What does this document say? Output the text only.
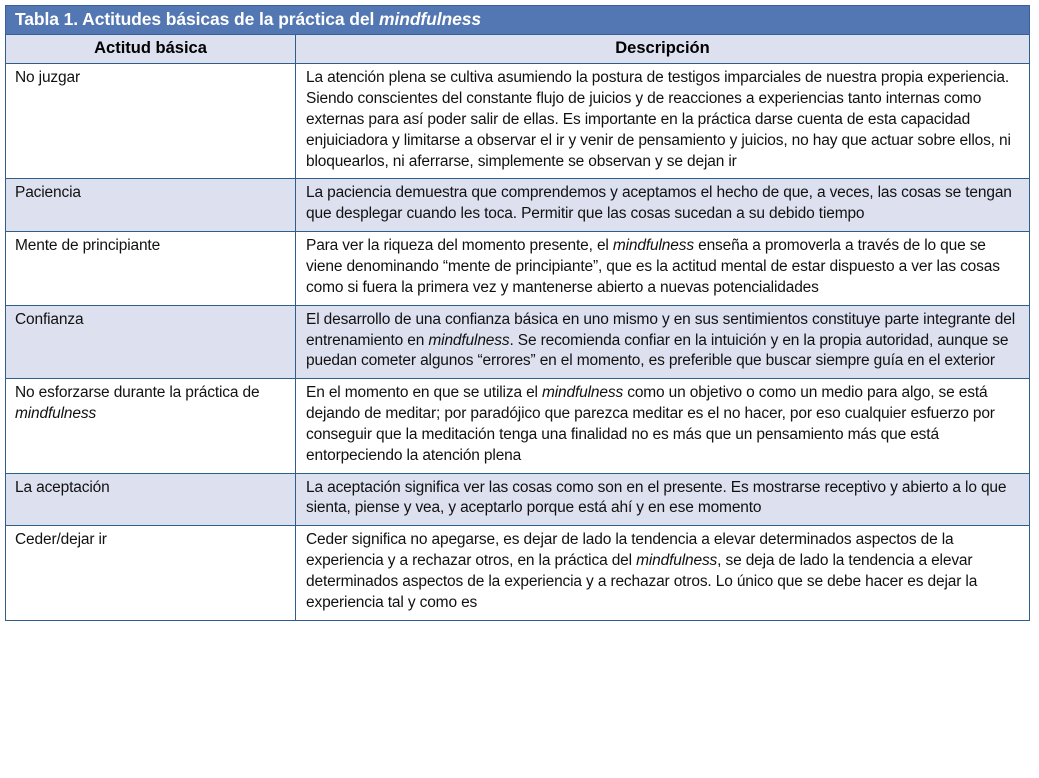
Tabla 1. Actitudes básicas de la práctica del mindfulness	
Actitud básica	Descripción

No juzgar	La atención plena se cultiva asumiendo la postura de testigos imparciales de nuestra propia experiencia. Siendo conscientes del constante flujo de juicios y de reacciones a experiencias tanto internas como externas para así poder salir de ellas. Es importante en la práctica darse cuenta de esta capacidad enjuiciadora y limitarse a observar el ir y venir de pensamiento y juicios, no hay que actuar sobre ellos, ni bloquearlos, ni aferrarse, simplemente se observan y se dejan ir

Paciencia	La paciencia demuestra que comprendemos y aceptamos el hecho de que, a veces, las cosas se tengan que desplegar cuando les toca. Permitir que las cosas sucedan a su debido tiempo

Mente de principiante	Para ver la riqueza del momento presente, el mindfulness enseña a promoverla a través de lo que se viene denominando “mente de principiante”, que es la actitud mental de estar dispuesto a ver las cosas como si fuera la primera vez y mantenerse abierto a nuevas potencialidades

Confianza	El desarrollo de una confianza básica en uno mismo y en sus sentimientos constituye parte integrante del entrenamiento en mindfulness. Se recomienda confiar en la intuición y en la propia autoridad, aunque se puedan cometer algunos “errores” en el momento, es preferible que buscar siempre guía en el exterior

No esforzarse durante la práctica de mindfulness	En el momento en que se utiliza el mindfulness como un objetivo o como un medio para algo, se está dejando de meditar; por paradójico que parezca meditar es el no hacer, por eso cualquier esfuerzo por conseguir que la meditación tenga una finalidad no es más que un pensamiento más que está entorpeciendo la atención plena

La aceptación	La aceptación significa ver las cosas como son en el presente. Es mostrarse receptivo y abierto a lo que sienta, piense y vea, y aceptarlo porque está ahí y en ese momento

Ceder/dejar ir	Ceder significa no apegarse, es dejar de lado la tendencia a elevar determinados aspectos de la experiencia y a rechazar otros, en la práctica del mindfulness, se deja de lado la tendencia a elevar determinados aspectos de la experiencia y a rechazar otros. Lo único que se debe hacer es dejar la experiencia tal y como es
